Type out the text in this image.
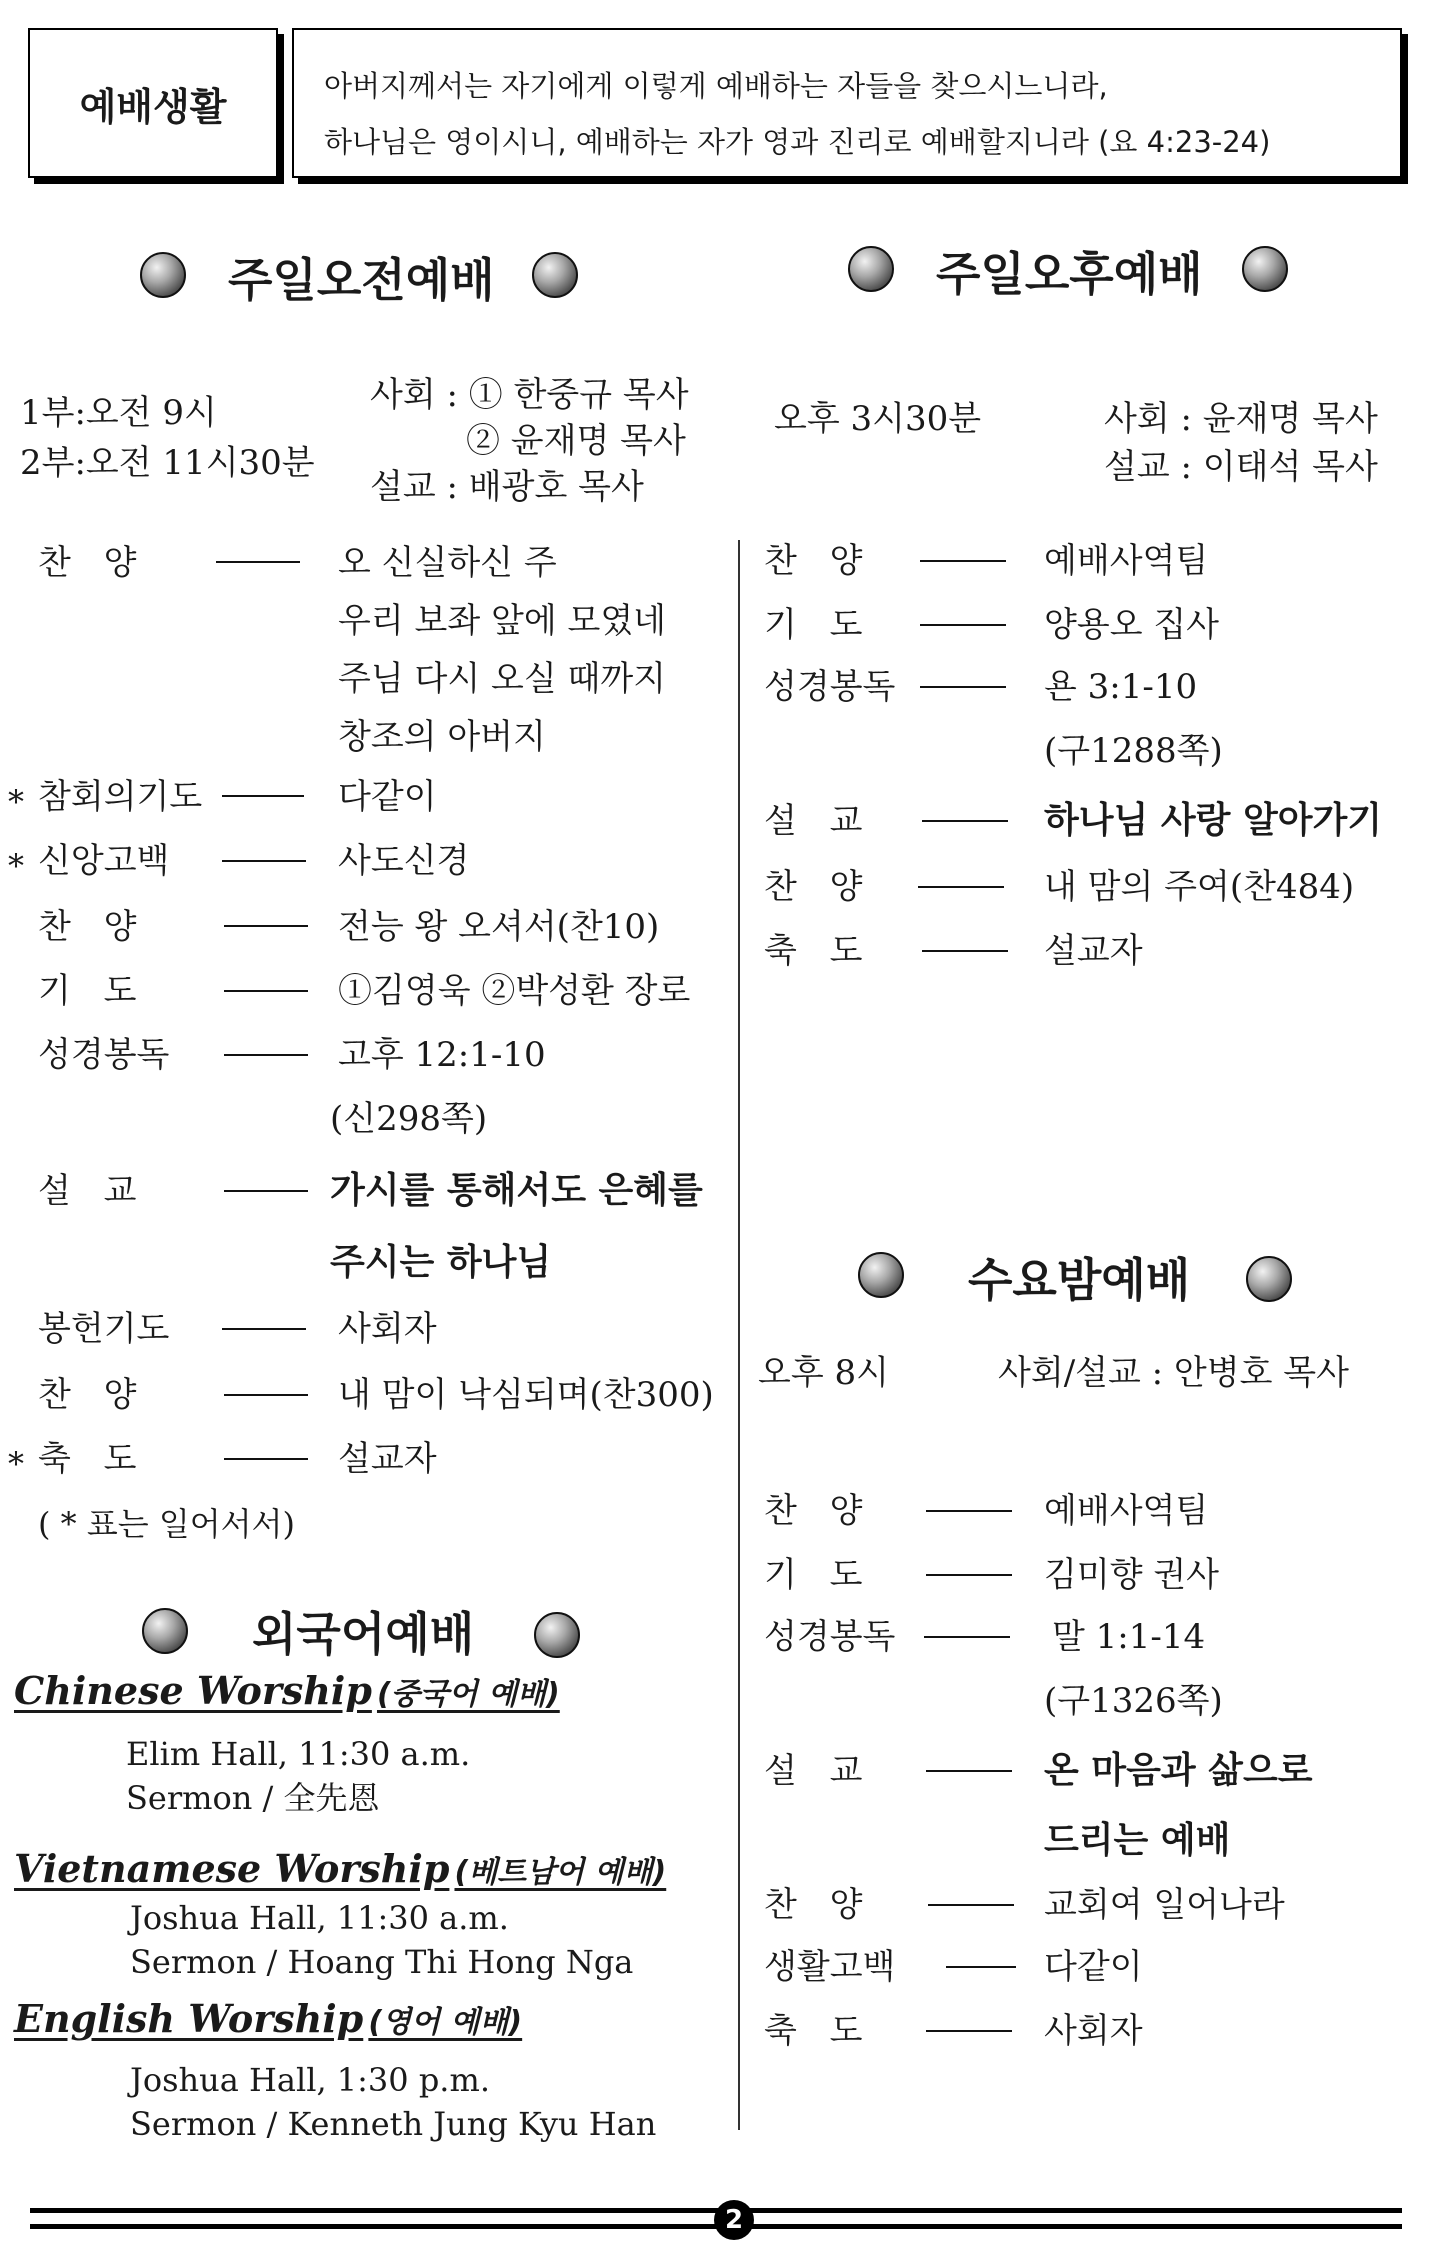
예배생활	아버지께서는 자기에게 이렇게 예배하는 자들을 찾으시느니라,
하나님은 영이시니, 예배하는 자가 영과 진리로 예배할지니라 (요 4:23-24)
주일오전예배	주일오후예배
1부:오전 9시
2부:오전 11시30분
사회 : ① 한중규 목사
② 윤재명 목사
설교 : 배광호 목사
오후 3시30분	사회 : 윤재명 목사
설교 : 이태석 목사
찬 양	오 신실하신 주
우리 보좌 앞에 모였네
주님 다시 오실 때까지
창조의 아버지
* 참회의기도	다같이
* 신앙고백	사도신경
찬 양	전능 왕 오셔서(찬10)
기 도	①김영욱 ②박성환 장로
성경봉독	고후 12:1-10
(신298쪽)
설 교	가시를 통해서도 은혜를
주시는 하나님
봉헌기도	사회자
찬 양	내 맘이 낙심되며(찬300)
* 축 도	설교자
( * 표는 일어서서)
찬 양	예배사역팀
기 도	양용오 집사
성경봉독	욘 3:1-10
(구1288쪽)
설 교	하나님 사랑 알아가기
찬 양	내 맘의 주여(찬484)
축 도	설교자
수요밤예배
오후 8시	사회/설교 : 안병호 목사
찬 양	예배사역팀
기 도	김미향 권사
성경봉독	말 1:1-14
(구1326쪽)
설 교	온 마음과 삶으로
드리는 예배
찬 양	교회여 일어나라
생활고백	다같이
축 도	사회자
외국어예배
Chinese Worship (중국어 예배)
Elim Hall, 11:30 a.m.
Sermon / 全先恩
Vietnamese Worship (베트남어 예배)
Joshua Hall, 11:30 a.m.
Sermon / Hoang Thi Hong Nga
English Worship (영어 예배)
Joshua Hall, 1:30 p.m.
Sermon / Kenneth Jung Kyu Han
2
